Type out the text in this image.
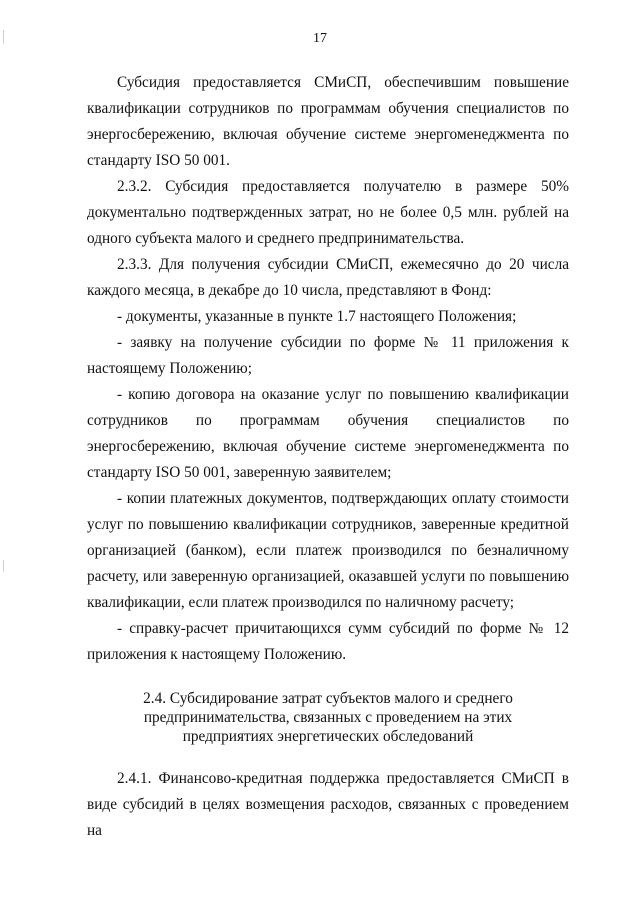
17

Субсидия предоставляется СМиСП, обеспечившим повышение квалификации сотрудников по программам обучения специалистов по энергосбережению, включая обучение системе энергоменеджмента по стандарту ISO 50 001.

2.3.2. Субсидия предоставляется получателю в размере 50% документально подтвержденных затрат, но не более 0,5 млн. рублей на одного субъекта малого и среднего предпринимательства.

2.3.3. Для получения субсидии СМиСП, ежемесячно до 20 числа каждого месяца, в декабре до 10 числа, представляют в Фонд:

- документы, указанные в пункте 1.7 настоящего Положения;

- заявку на получение субсидии по форме № 11 приложения к настоящему Положению;

- копию договора на оказание услуг по повышению квалификации сотрудников по программам обучения специалистов по энергосбережению, включая обучение системе энергоменеджмента по стандарту ISO 50 001, заверенную заявителем;

- копии платежных документов, подтверждающих оплату стоимости услуг по повышению квалификации сотрудников, заверенные кредитной организацией (банком), если платеж производился по безналичному расчету, или заверенную организацией, оказавшей услуги по повышению квалификации, если платеж производился по наличному расчету;

- справку-расчет причитающихся сумм субсидий по форме № 12 приложения к настоящему Положению.

2.4. Субсидирование затрат субъектов малого и среднего
предпринимательства, связанных с проведением на этих
предприятиях энергетических обследований

2.4.1. Финансово-кредитная поддержка предоставляется СМиСП в виде субсидий в целях возмещения расходов, связанных с проведением на
